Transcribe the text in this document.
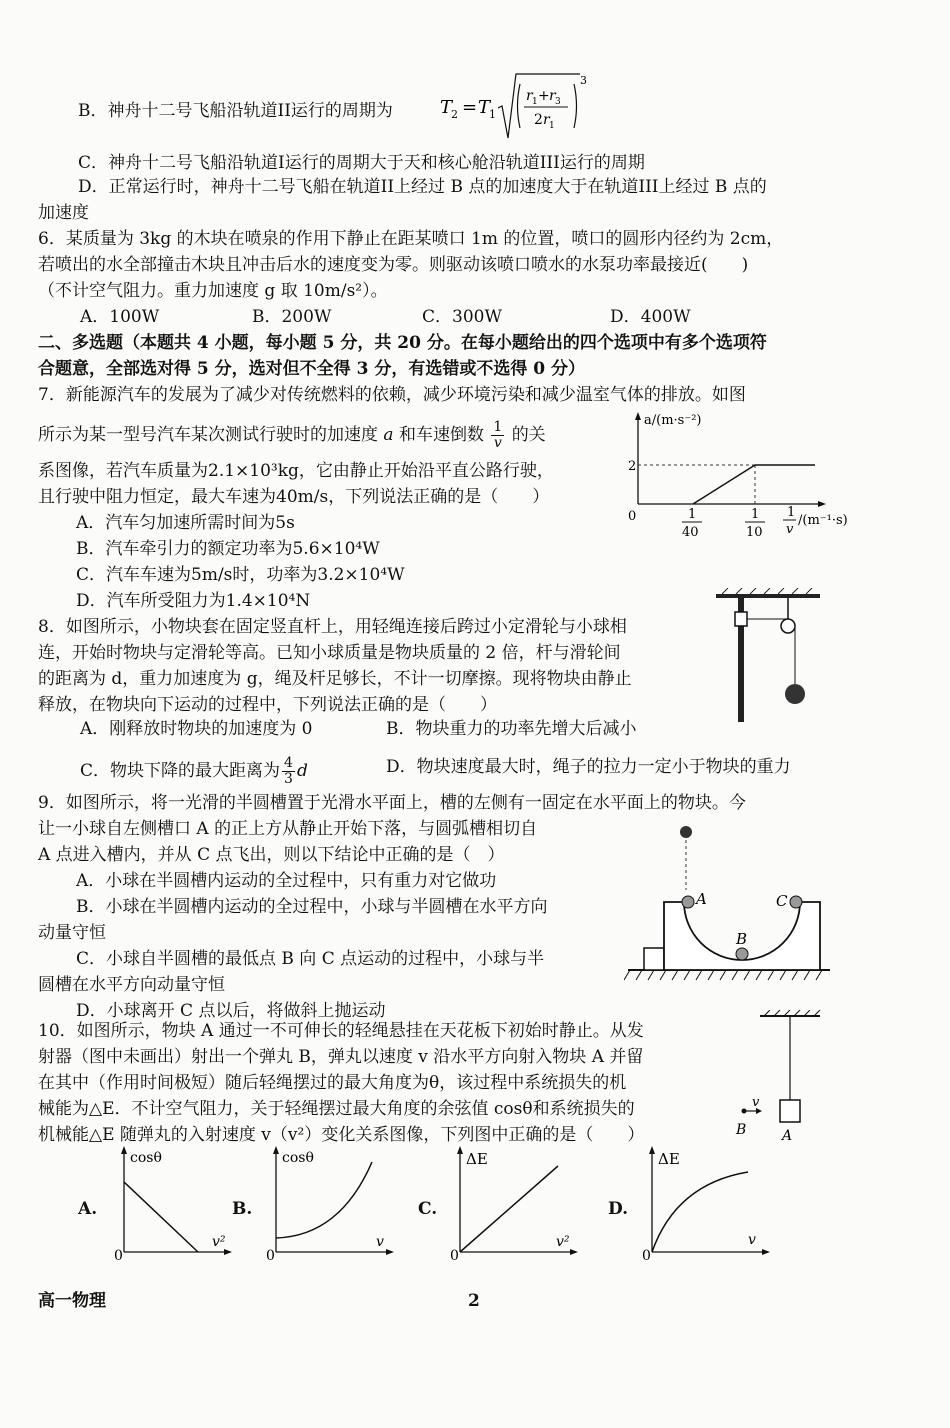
B．神舟十二号飞船沿轨道II运行的周期为	T
2 = T
1
r 1 + r 3
2 r 1
3
C．神舟十二号飞船沿轨道I运行的周期大于天和核心舱沿轨道III运行的周期
D．正常运行时，神舟十二号飞船在轨道II上经过 B 点的加速度大于在轨道III上经过 B 点的
加速度
6．某质量为 3kg 的木块在喷泉的作用下静止在距某喷口 1m 的位置，喷口的圆形内径约为 2cm，
若喷出的水全部撞击木块且冲击后水的速度变为零。则驱动该喷口喷水的水泵功率最接近(　　)
（不计空气阻力。重力加速度 g 取 10m/s²）。
A．100W	B．200W	C．300W	D．400W
二、多选题（本题共 4 小题，每小题 5 分，共 20 分。在每小题给出的四个选项中有多个选项符
合题意，全部选对得 5 分，选对但不全得 3 分，有选错或不选得 0 分）
7．新能源汽车的发展为了减少对传统燃料的依赖，减少环境污染和减少温室气体的排放。如图
所示为某一型号汽车某次测试行驶时的加速度 a 和车速倒数 $\frac{1}{v}$ 的关
系图像，若汽车质量为2.1×10³kg，它由静止开始沿平直公路行驶，
且行驶中阻力恒定，最大车速为40m/s，下列说法正确的是（　　）
A．汽车匀加速所需时间为5s
B．汽车牵引力的额定功率为5.6×10⁴W
C．汽车车速为5m/s时，功率为3.2×10⁴W
D．汽车所受阻力为1.4×10⁴N
a/(m·s⁻²)
2
0	1
40
1
10
1
v
/(m⁻¹·s)
8．如图所示，小物块套在固定竖直杆上，用轻绳连接后跨过小定滑轮与小球相
连，开始时物块与定滑轮等高。已知小球质量是物块质量的 2 倍，杆与滑轮间
的距离为 d，重力加速度为 g，绳及杆足够长，不计一切摩擦。现将物块由静止
释放，在物块向下运动的过程中，下列说法正确的是（　　）
A．刚释放时物块的加速度为 0	B．物块重力的功率先增大后减小
C．物块下降的最大距离为 $\frac{4}{3}$ d	D．物块速度最大时，绳子的拉力一定小于物块的重力
9．如图所示，将一光滑的半圆槽置于光滑水平面上，槽的左侧有一固定在水平面上的物块。今
让一小球自左侧槽口 A 的正上方从静止开始下落，与圆弧槽相切自
A 点进入槽内，并从 C 点飞出，则以下结论中正确的是（　）
A．小球在半圆槽内运动的全过程中，只有重力对它做功
B．小球在半圆槽内运动的全过程中，小球与半圆槽在水平方向
动量守恒
C．小球自半圆槽的最低点 B 向 C 点运动的过程中，小球与半
圆槽在水平方向动量守恒
D．小球离开 C 点以后，将做斜上抛运动
A	C
B
10．如图所示，物块 A 通过一不可伸长的轻绳悬挂在天花板下初始时静止。从发
射器（图中未画出）射出一个弹丸 B，弹丸以速度 v 沿水平方向射入物块 A 并留
在其中（作用时间极短）随后轻绳摆过的最大角度为θ，该过程中系统损失的机
械能为△E．不计空气阻力，关于轻绳摆过最大角度的余弦值 cosθ和系统损失的
机械能△E 随弹丸的入射速度 v（v²）变化关系图像，下列图中正确的是（　　）
v
B	A
A.
cosθ
0
v²
B.
cosθ
0
v
C.
ΔE
0
v²
D.
ΔE
0
v
高一物理	2
